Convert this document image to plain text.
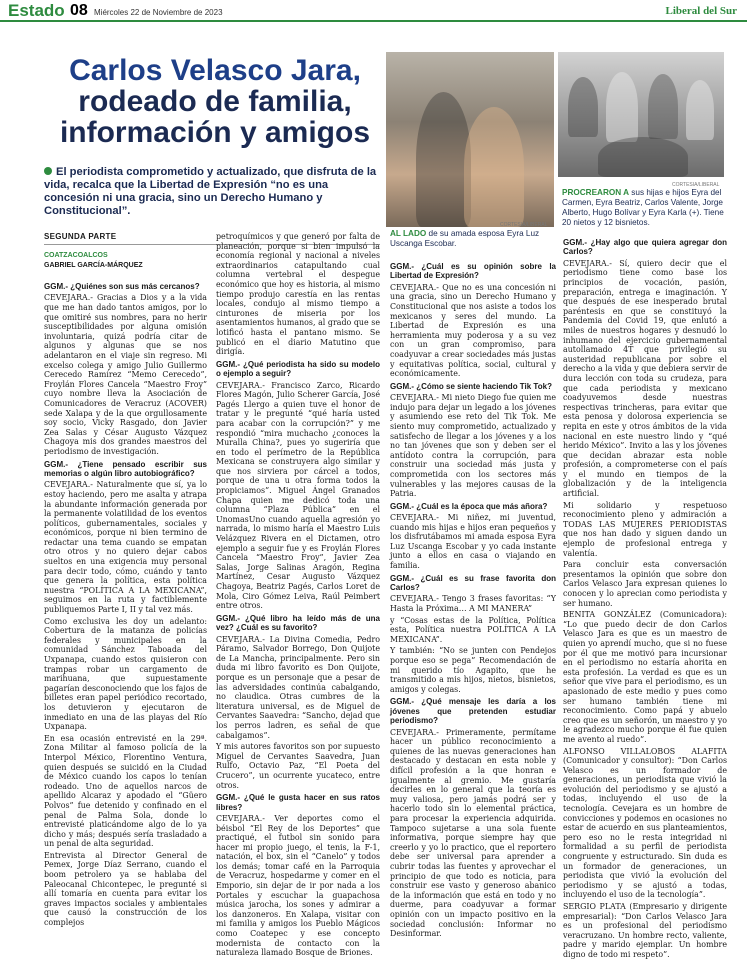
Estado 08 Miércoles 22 de Noviembre de 2023	Liberal del Sur
Carlos Velasco Jara,
rodeado de familia,
información y amigos
El periodista comprometido y actualizado, que disfruta de la vida, recalca que la Libertad de Expresión “no es una concesión ni una gracia, sino un Derecho Humano y Constitucional”.
CORTESIA/LIBERAL
AL LADO de su amada esposa Eyra Luz Uscanga Escobar.
CORTESIA/LIBERAL
PROCREARON A sus hijas e hijos Eyra del Carmen, Eyra Beatriz, Carlos Valente, Jorge Alberto, Hugo Bolívar y Eyra Karla (+). Tiene 20 nietos y 12 bisnietos.
SEGUNDA PARTE
COATZACOALCOS
GABRIEL GARCÍA-MÁRQUEZ

GGM.- ¿Quiénes son sus más cercanos?

CEVEJARA.- Gracias a Dios y a la vida que me han dado tantos amigos, por lo que omitiré sus nombres, para no herir susceptibilidades por alguna omisión involuntaria, quizá podría citar de algunos y algunas que se nos adelantaron en el viaje sin regreso. Mi excelso colega y amigo Julio Guillermo Cerecedo Ramírez “Memo Cerecedo”, Froylán Flores Cancela “Maestro Froy” cuyo nombre lleva la Asociación de Comunicadores de Veracruz (ACOVER) sede Xalapa y de la que orgullosamente soy socio, Vicky Rasgado, don Javier Zea Salas y César Augusto Vázquez Chagoya mis dos grandes maestros del periodismo de investigación.

GGM.- ¿Tiene pensado escribir sus memorias o algún libro autobiográfico?

CEVEJARA.- Naturalmente que sí, ya lo estoy haciendo, pero me asalta y atrapa la abundante información generada por la permanente volatilidad de los eventos políticos, gubernamentales, sociales y económicos, porque ni bien termino de redactar una tema cuando se empatan otro otros y no quiero dejar cabos sueltos en una exigencia muy personal para decir todo, cómo, cuándo y tanto que genera la política, esta política nuestra “POLÍTICA A LA MEXICANA”, seguimos en la ruta y factiblemente publiquemos Parte I, II y tal vez más.

Como exclusiva les doy un adelanto: Cobertura de la matanza de policías federales y municipales en la comunidad Sánchez Taboada del Uxpanapa, cuando estos quisieron con trampas robar un cargamento de marihuana, que supuestamente pagarían desconociendo que los fajos de billetes eran papel periódico recortado, los detuvieron y ejecutaron de inmediato en una de las playas del Río Uxpanapa.

En esa ocasión entrevisté en la 29ª. Zona Militar al famoso policía de la Interpol México, Florentino Ventura, quien después se suicidó en la Ciudad de México cuando los capos lo tenían rodeado. Uno de aquellos narcos de apellido Alcaraz y apodado el “Güero Polvos” fue detenido y confinado en el penal de Palma Sola, donde lo entrevisté platicándome algo de lo ya dicho y más; después sería trasladado a un penal de alta seguridad.

Entrevista al Director General de Pemex, Jorge Díaz Serrano, cuando el boom petrolero ya se hablaba del Paleocanal Chicontepec, le pregunté si allí tomaría en cuenta para evitar los graves impactos sociales y ambientales que causó la construcción de los complejos

petroquímicos y que generó por falta de planeación, porque si bien impulsó la economía regional y nacional a niveles extraordinarios catapultando cual columna vertebral el despegue económico que hoy es historia, al mismo tiempo produjo carestía en las rentas locales, condujo al mismo tiempo a cinturones de miseria por los asentamientos humanos, al grado que se lotificó hasta el pantano mismo. Se publicó en el diario Matutino que dirigía.

GGM.- ¿Qué periodista ha sido su modelo o ejemplo a seguir?

CEVEJARA.- Francisco Zarco, Ricardo Flores Magón, Julio Scherer García, José Pagés Llergo a quien tuve el honor de tratar y le pregunté “qué haría usted para acabar con la corrupción?” y me respondió “mira muchacho ¿conoces la Muralla China?, pues yo sugeriría que en todo el perímetro de la República Mexicana se construyera algo similar y que nos sirviera por cárcel a todos, porque de una u otra forma todos la propiciamos”. Miguel Ángel Granados Chapa quien me dedicó toda una columna “Plaza Pública” en el UnomasUno cuando aquella agresión yo narrada, lo mismo haría el Maestro Luis Velázquez Rivera en el Dictamen, otro ejemplo a seguir fue y es Froylán Flores Cancela “Maestro Froy”, Javier Zea Salas, Jorge Salinas Aragón, Regina Martínez, Cesar Augusto Vázquez Chagoya, Beatriz Pagés, Carlos Loret de Mola, Ciro Gómez Leiva, Raúl Peimbert entre otros.

GGM.- ¿Qué libro ha leído más de una vez? ¿Cuál es su favorito?

CEVEJARA.- La Divina Comedia, Pedro Páramo, Salvador Borrego, Don Quijote de La Mancha, principalmente. Pero sin duda mi libro favorito es Don Quijote, porque es un personaje que a pesar de las adversidades continúa cabalgando, no claudica. Otras cumbres de la literatura universal, es de Miguel de Cervantes Saavedra: “Sancho, dejad que los perros ladren, es señal de que cabalgamos”.

Y mis autores favoritos son por supuesto Miguel de Cervantes Saavedra, Juan Rulfo, Octavio Paz, “El Poeta del Crucero”, un ocurrente yucateco, entre otros.

GGM.- ¿Qué le gusta hacer en sus ratos libres?

CEVEJARA.- Ver deportes como el béisbol “El Rey de los Deportes” que practiqué, el futbol sin sonido para hacer mi propio juego, el tenis, la F-1, natación, el box, sin el “Canelo” y todos los demás; tomar café en la Parroquia de Veracruz, hospedarme y comer en el Emporio, sin dejar de ir por nada a los Portales y escuchar la guapachosa música jarocha, los sones y admirar a los danzoneros. En Xalapa, visitar con mi familia y amigos los Pueblo Mágicos como Coatepec y ese concepto modernista de contacto con la naturaleza llamado Bosque de Briones.

GGM.- ¿Cuál es su opinión sobre la Libertad de Expresión?

CEVEJARA.- Que no es una concesión ni una gracia, sino un Derecho Humano y Constitucional que nos asiste a todos los mexicanos y seres del mundo. La Libertad de Expresión es una herramienta muy poderosa y a su vez con un gran compromiso, para coadyuvar a crear sociedades más justas y equitativas política, social, cultural y económicamente.

GGM.- ¿Cómo se siente haciendo Tik Tok?

CEVEJARA.- Mi nieto Diego fue quien me indujo para dejar un legado a los jóvenes y asumiendo ese reto del Tik Tok. Me siento muy comprometido, actualizado y satisfecho de llegar a los jóvenes y a los no tan jóvenes que son y deben ser el antídoto contra la corrupción, para construir una sociedad más justa y comprometida con los sectores más vulnerables y las mejores causas de la Patria.

GGM.- ¿Cuál es la época que más añora?

CEVEJARA.- Mi niñez, mi juventud, cuando mis hijas e hijos eran pequeños y los disfrutábamos mi amada esposa Eyra Luz Uscanga Escobar y yo cada instante junto a ellos en casa o viajando en familia.

GGM.- ¿Cuál es su frase favorita don Carlos?

CEVEJARA.- Tengo 3 frases favoritas: “Y Hasta la Próxima… A MI MANERA”

y “Cosas estas de la Política, Política esta, Política nuestra POLÍTICA A LA MEXICANA”.

Y también: “No se junten con Pendejos porque eso se pega” Recomendación de mi querido tío Agapito, que he transmitido a mis hijos, nietos, bisnietos, amigos y colegas.

GGM.- ¿Qué mensaje les daría a los jóvenes que pretenden estudiar periodismo?

CEVEJARA.- Primeramente, permítame hacer un público reconocimiento a quienes de las nuevas generaciones han destacado y destacan en esta noble y difícil profesión a la que honran e igualmente al gremio. Me gustaría decirles en lo general que la teoría es muy valiosa, pero jamás podrá ser y hacerlo todo sin lo elemental práctica, para procesar la experiencia adquirida. Tampoco sujetarse a una sola fuente informativa, porque siempre hay que creerlo y yo lo practico, que el reportero debe ser universal para aprender a cubrir todas las fuentes y aprovechar el principio de que todo es noticia, para construir ese vasto y generoso abanico de la información que está en todo y no duerme, para coadyuvar a formar opinión con un impacto positivo en la sociedad conclusión: Informar no Desinformar.

GGM.- ¿Hay algo que quiera agregar don Carlos?

CEVEJARA.- Sí, quiero decir que el periodismo tiene como base los principios de vocación, pasión, preparación, entrega e imaginación. Y que después de ese inesperado brutal paréntesis en que se constituyó la Pandemia del Covid 19, que enlutó a miles de nuestros hogares y desnudó lo inhumano del ejercicio gubernamental autollamado 4T que privilegió su austeridad republicana por sobre el derecho a la vida y que debiera servir de dura lección con toda su crudeza, para que cada periodista y mexicano coadyuvemos desde nuestras respectivas trincheras, para evitar que esta penosa y dolorosa experiencia se repita en este y otros ámbitos de la vida nacional en este nuestro lindo y “qué herido México”. Invito a las y los jóvenes que decidan abrazar esta noble profesión, a comprometerse con el país y el mundo en tiempos de la globalización y de la inteligencia artificial.

Mi solidario y respetuoso reconocimiento pleno y admiración a TODAS LAS MUJERES PERIODISTAS que nos han dado y siguen dando un ejemplo de profesional entrega y valentía.

Para concluir esta conversación presentamos la opinión que sobre don Carlos Velasco Jara expresan quienes lo conocen y lo aprecian como periodista y ser humano.

BENITA GONZÁLEZ (Comunicadora): “Lo que puedo decir de don Carlos Velasco Jara es que es un maestro de quien yo aprendí mucho, que si no fuese por él que me motivó para incursionar en el periodismo no estaría ahorita en esta profesión. La verdad es que es un señor que vive para el periodismo, es un apasionado de este medio y pues como ser humano también tiene mi reconocimiento. Como papá y abuelo creo que es un señorón, un maestro y yo le agradezco mucho porque él fue quien me avento al ruedo”.

ALFONSO VILLALOBOS ALAFITA (Comunicador y consultor): “Don Carlos Velasco es un formador de generaciones, un periodista que vivió la evolución del periodismo y se ajustó a todas, incluyendo el uso de la tecnología. Cevejara es un hombre de convicciones y podemos en ocasiones no estar de acuerdo en sus planteamientos, pero eso no le resta integridad ni formalidad a su perfil de periodista congruente y estructurado. Sin duda es un formador de generaciones, un periodista que vivió la evolución del periodismo y se ajustó a todas, incluyendo el uso de la tecnología”.

SERGIO PLATA (Empresario y dirigente empresarial): “Don Carlos Velasco Jara es un profesional del periodismo veracruzano. Un hombre recto, valiente, padre y marido ejemplar. Un hombre digno de todo mi respeto”.
